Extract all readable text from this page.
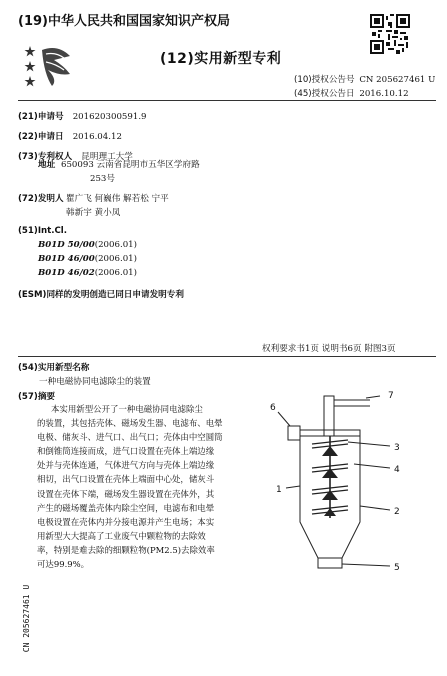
(19)中华人民共和国国家知识产权局
(12)实用新型专利
(10)授权公告号 CN 205627461 U
(45)授权公告日 2016.10.12
(21)申请号 201620300591.9
(22)申请日 2016.04.12
(73)专利权人 昆明理工大学
地址 650093 云南省昆明市五华区学府路
253号
(72)发明人 瞿广飞 何巍伟 解若松 宁平
韩新宇 黄小凤
(51)Int.Cl.
B01D 50/00(2006.01)
B01D 46/00(2006.01)
B01D 46/02(2006.01)
(ESM)同样的发明创造已同日申请发明专利
权利要求书1页 说明书6页 附图3页
(54)实用新型名称
一种电磁协同电滤除尘的装置
(57)摘要
本实用新型公开了一种电磁协同电滤除尘
的装置，其包括壳体、磁场发生器、电滤布、电晕
电极、储灰斗、进气口、出气口；壳体由中空圆筒
和倒锥筒连接而成，进气口设置在壳体上端边缘
处并与壳体连通，气体进气方向与壳体上端边缘
相切，出气口设置在壳体上端面中心处，储灰斗
设置在壳体下端，磁场发生器设置在壳体外，其
产生的磁场覆盖壳体内除尘空间，电滤布和电晕
电极设置在壳体内并分接电源并产生电场；本实
用新型大大提高了工业废气中颗粒物的去除效
率，特别是难去除的细颗粒物(PM2.5)去除效率
可达99.9%。
7
6
3
4
1
2
5
CN 205627461 U
